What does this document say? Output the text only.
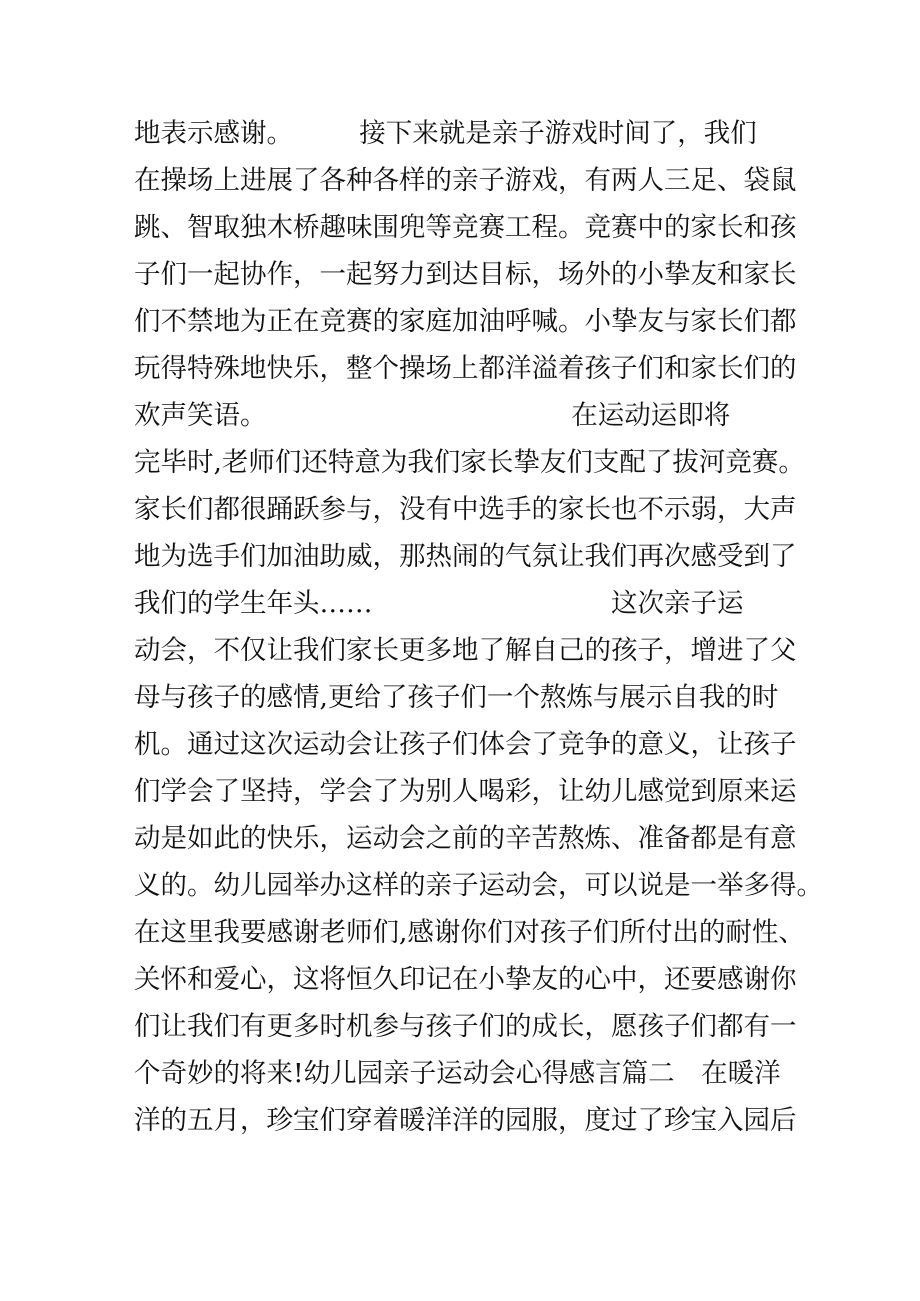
地表示感谢。　　　接下来就是亲子游戏时间了，我们
在操场上进展了各种各样的亲子游戏，有两人三足、袋鼠
跳、智取独木桥趣味围兜等竞赛工程。竞赛中的家长和孩
子们一起协作，一起努力到达目标，场外的小挚友和家长
们不禁地为正在竞赛的家庭加油呼喊。小挚友与家长们都
玩得特殊地快乐，整个操场上都洋溢着孩子们和家长们的
欢声笑语。　　　　　　　　　　　　在运动运即将
完毕时,老师们还特意为我们家长挚友们支配了拔河竞赛。
家长们都很踊跃参与，没有中选手的家长也不示弱，大声
地为选手们加油助威，那热闹的气氛让我们再次感受到了
我们的学生年头……　　　　　　　　　这次亲子运
动会，不仅让我们家长更多地了解自己的孩子，增进了父
母与孩子的感情,更给了孩子们一个熬炼与展示自我的时
机。通过这次运动会让孩子们体会了竞争的意义，让孩子
们学会了坚持，学会了为别人喝彩，让幼儿感觉到原来运
动是如此的快乐，运动会之前的辛苦熬炼、准备都是有意
义的。幼儿园举办这样的亲子运动会，可以说是一举多得。
在这里我要感谢老师们,感谢你们对孩子们所付出的耐性、
关怀和爱心，这将恒久印记在小挚友的心中，还要感谢你
们让我们有更多时机参与孩子们的成长，愿孩子们都有一
个奇妙的将来!幼儿园亲子运动会心得感言篇二　在暖洋
洋的五月，珍宝们穿着暖洋洋的园服，度过了珍宝入园后
